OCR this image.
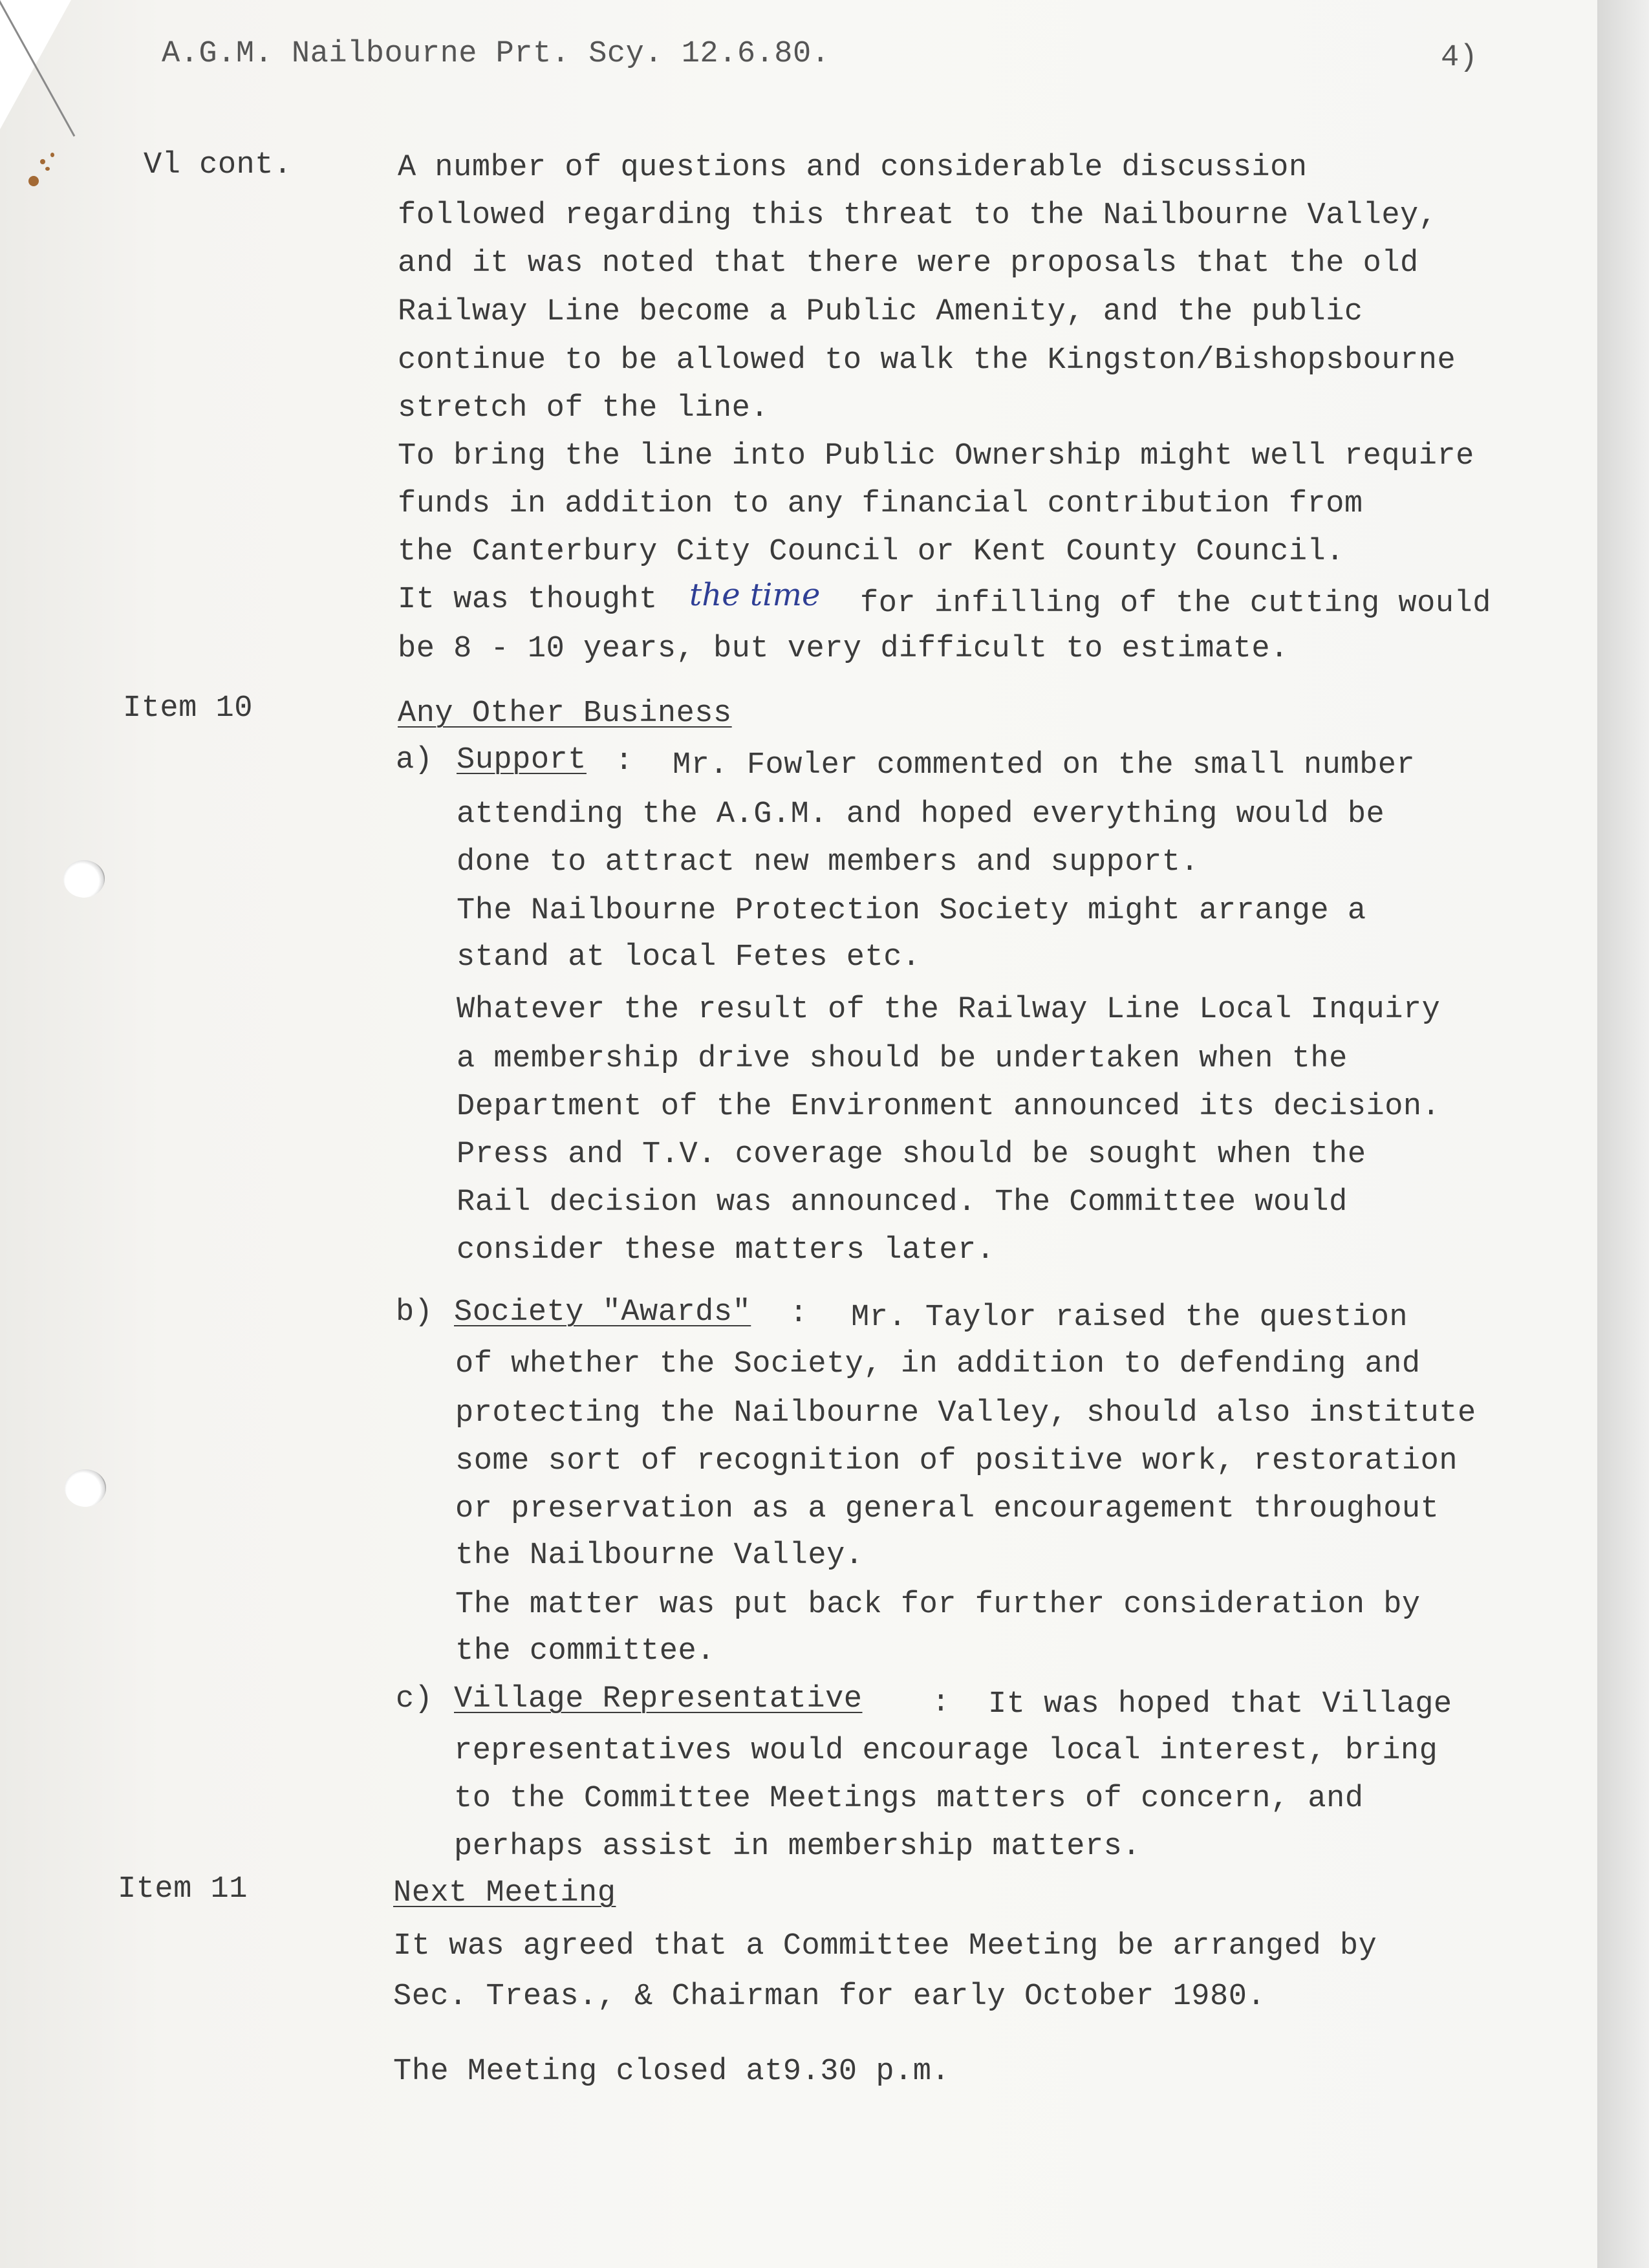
A.G.M. Nailbourne Prt. Scy. 12.6.80.	4)
Vl cont.	A number of questions and considerable discussion
followed regarding this threat to the Nailbourne Valley,
and it was noted that there were proposals that the old
Railway Line become a Public Amenity, and the public
continue to be allowed to walk the Kingston/Bishopsbourne
stretch of the line.
To bring the line into Public Ownership might well require
funds in addition to any financial contribution from
the Canterbury City Council or Kent County Council.
It was thought the time for infilling of the cutting would
be 8 - 10 years, but very difficult to estimate.
Item 10	Any Other Business
a) Support : Mr. Fowler commented on the small number
attending the A.G.M. and hoped everything would be
done to attract new members and support.
The Nailbourne Protection Society might arrange a
stand at local Fetes etc.
Whatever the result of the Railway Line Local Inquiry
a membership drive should be undertaken when the
Department of the Environment announced its decision.
Press and T.V. coverage should be sought when the
Rail decision was announced. The Committee would
consider these matters later.
b) Society "Awards" : Mr. Taylor raised the question
of whether the Society, in addition to defending and
protecting the Nailbourne Valley, should also institute
some sort of recognition of positive work, restoration
or preservation as a general encouragement throughout
the Nailbourne Valley.
The matter was put back for further consideration by
the committee.
c) Village Representative : It was hoped that Village
representatives would encourage local interest, bring
to the Committee Meetings matters of concern, and
perhaps assist in membership matters.
Item 11	Next Meeting
It was agreed that a Committee Meeting be arranged by
Sec. Treas., & Chairman for early October 1980.
The Meeting closed at9.30 p.m.
